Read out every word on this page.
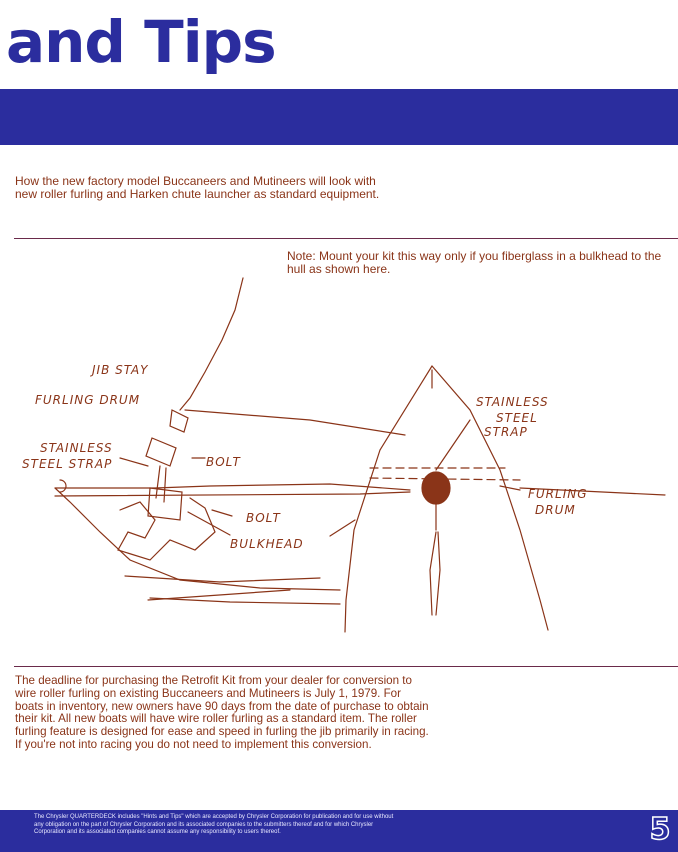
and Tips

How the new factory model Buccaneers and Mutineers will look with new roller furling and Harken chute launcher as standard equipment.

Note: Mount your kit this way only if you fiberglass in a bulkhead to the hull as shown here.

JIB STAY
FURLING DRUM
STAINLESS
STEEL STRAP	BOLT
BOLT
BULKHEAD
STAINLESS
STEEL
STRAP
FURLING
DRUM

The deadline for purchasing the Retrofit Kit from your dealer for conversion to wire roller furling on existing Buccaneers and Mutineers is July 1, 1979. For boats in inventory, new owners have 90 days from the date of purchase to obtain their kit. All new boats will have wire roller furling as a standard item. The roller furling feature is designed for ease and speed in furling the jib primarily in racing. If you're not into racing you do not need to implement this conversion.

The Chrysler QUARTERDECK includes "Hints and Tips" which are accepted by Chrysler Corporation for publication and for use without any obligation on the part of Chrysler Corporation and its associated companies to the submitters thereof and for which Chrysler Corporation and its associated companies cannot assume any responsibility to users thereof.	5
